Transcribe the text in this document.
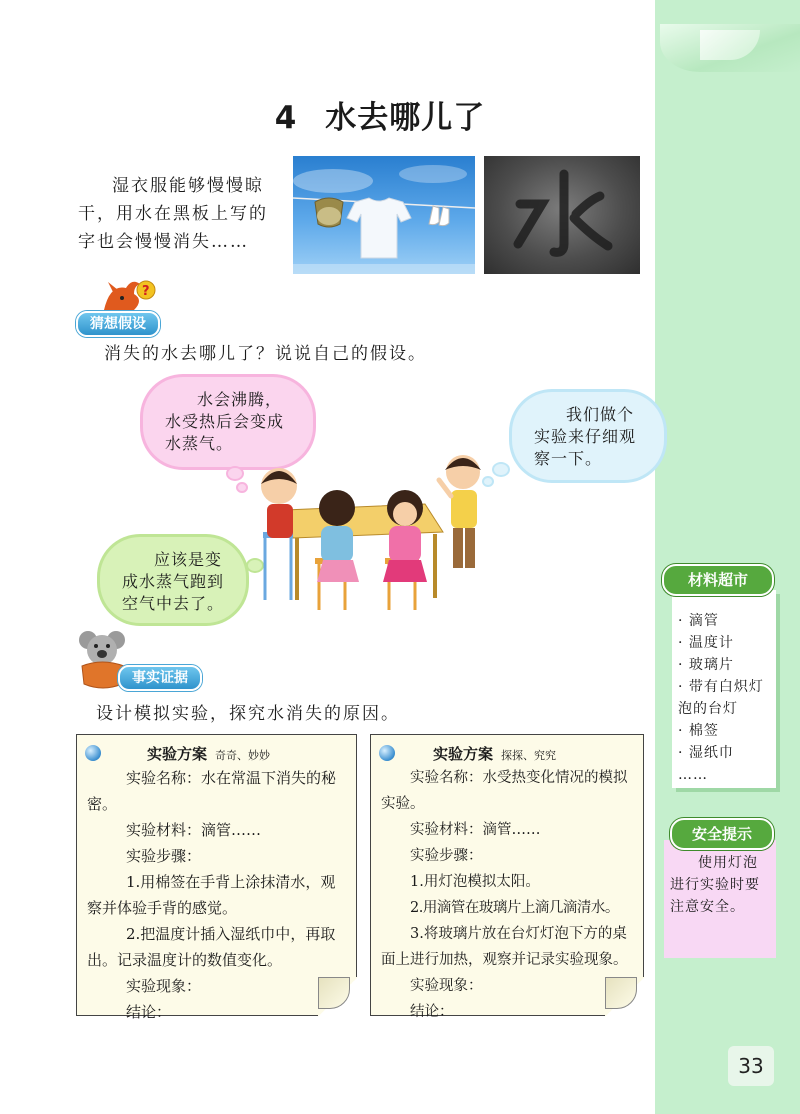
4 水去哪儿了
湿衣服能够慢慢晾干，用水在黑板上写的字也会慢慢消失……
?
猜想假设
消失的水去哪儿了？说说自己的假设。
水会沸腾，水受热后会变成水蒸气。
我们做个实验来仔细观察一下。
应该是变成水蒸气跑到空气中去了。
事实证据
设计模拟实验，探究水消失的原因。
实验方案 奇奇、妙妙

实验名称：水在常温下消失的秘密。

实验材料：滴管……

实验步骤：

1.用棉签在手背上涂抹清水，观察并体验手背的感觉。

2.把温度计插入湿纸巾中，再取出。记录温度计的数值变化。

实验现象：

结论：

实验方案 探探、究究

实验名称：水受热变化情况的模拟实验。

实验材料：滴管……

实验步骤：

1.用灯泡模拟太阳。

2.用滴管在玻璃片上滴几滴清水。

3.将玻璃片放在台灯灯泡下方的桌面上进行加热，观察并记录实验现象。

实验现象：

结论：

材料超市
· 滴管
· 温度计
· 玻璃片
· 带有白炽灯泡的台灯
· 棉签
· 湿纸巾
……
安全提示
使用灯泡进行实验时要注意安全。
33
